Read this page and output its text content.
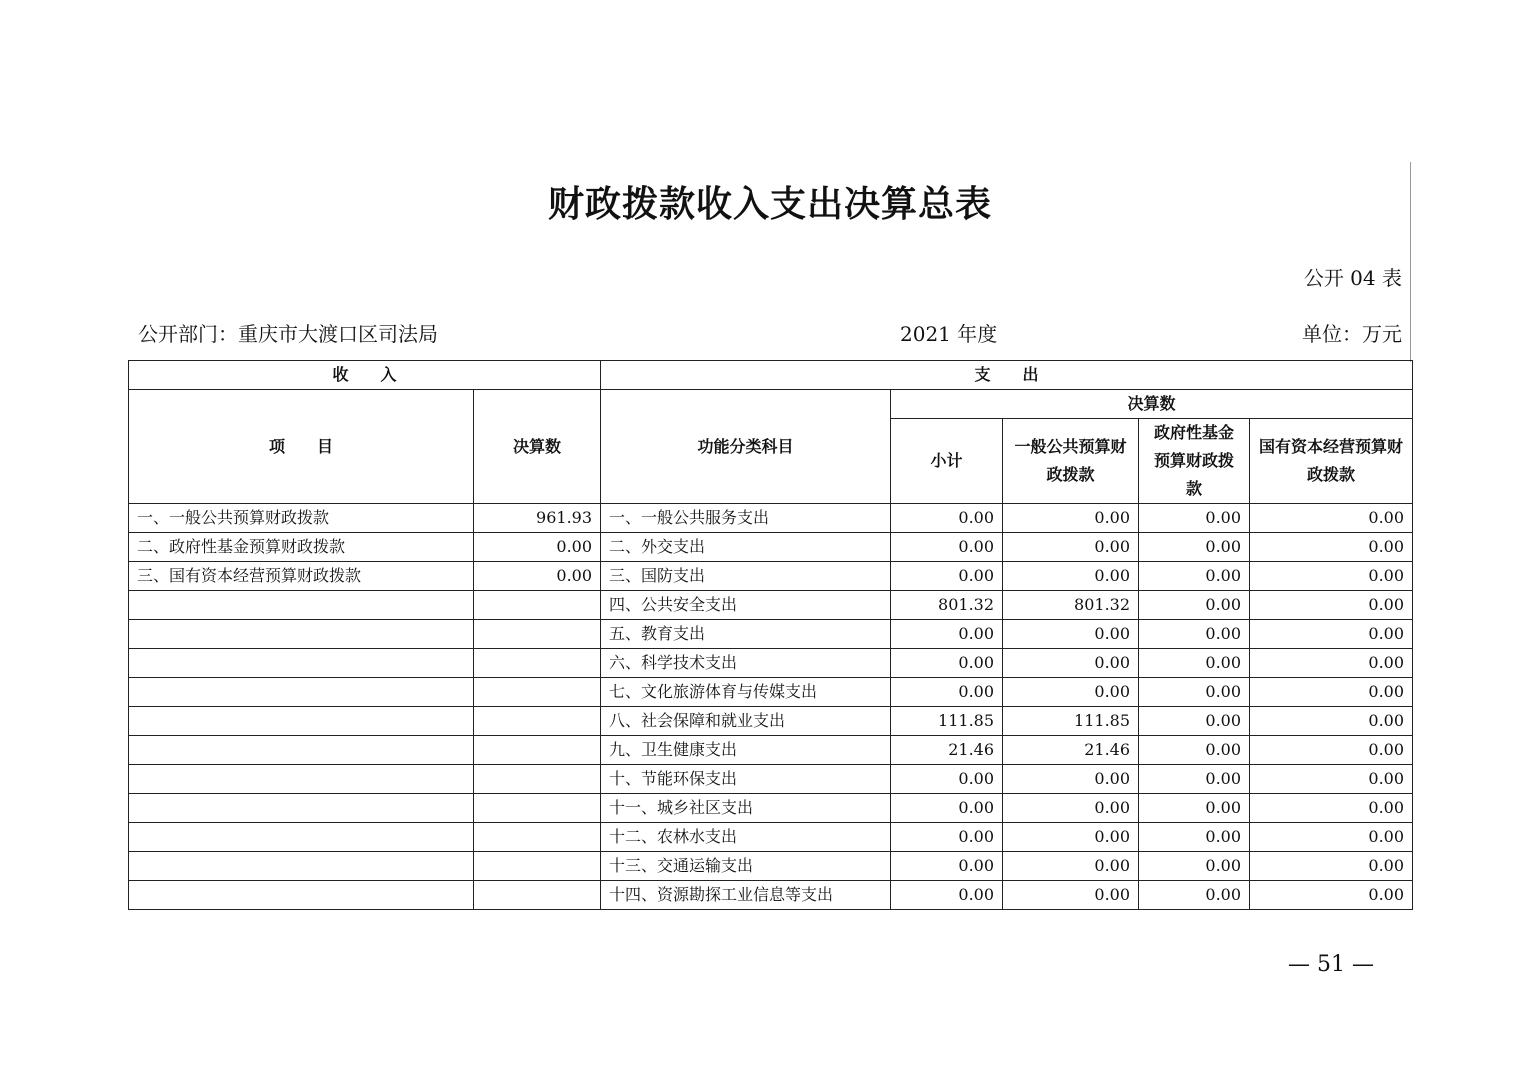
财政拨款收入支出决算总表
公开 04 表
公开部门：重庆市大渡口区司法局	2021 年度	单位：万元
收　　入		支　　出				
项　　目	决算数	功能分类科目	决算数			
			小计	一般公共预算财政拨款	政府性基金预算财政拨款	国有资本经营预算财政拨款
一、一般公共预算财政拨款	961.93	一、一般公共服务支出	0.00	0.00	0.00	0.00
二、政府性基金预算财政拨款	0.00	二、外交支出	0.00	0.00	0.00	0.00
三、国有资本经营预算财政拨款	0.00	三、国防支出	0.00	0.00	0.00	0.00
		四、公共安全支出	801.32	801.32	0.00	0.00
		五、教育支出	0.00	0.00	0.00	0.00
		六、科学技术支出	0.00	0.00	0.00	0.00
		七、文化旅游体育与传媒支出	0.00	0.00	0.00	0.00
		八、社会保障和就业支出	111.85	111.85	0.00	0.00
		九、卫生健康支出	21.46	21.46	0.00	0.00
		十、节能环保支出	0.00	0.00	0.00	0.00
		十一、城乡社区支出	0.00	0.00	0.00	0.00
		十二、农林水支出	0.00	0.00	0.00	0.00
		十三、交通运输支出	0.00	0.00	0.00	0.00
		十四、资源勘探工业信息等支出	0.00	0.00	0.00	0.00
— 51 —
